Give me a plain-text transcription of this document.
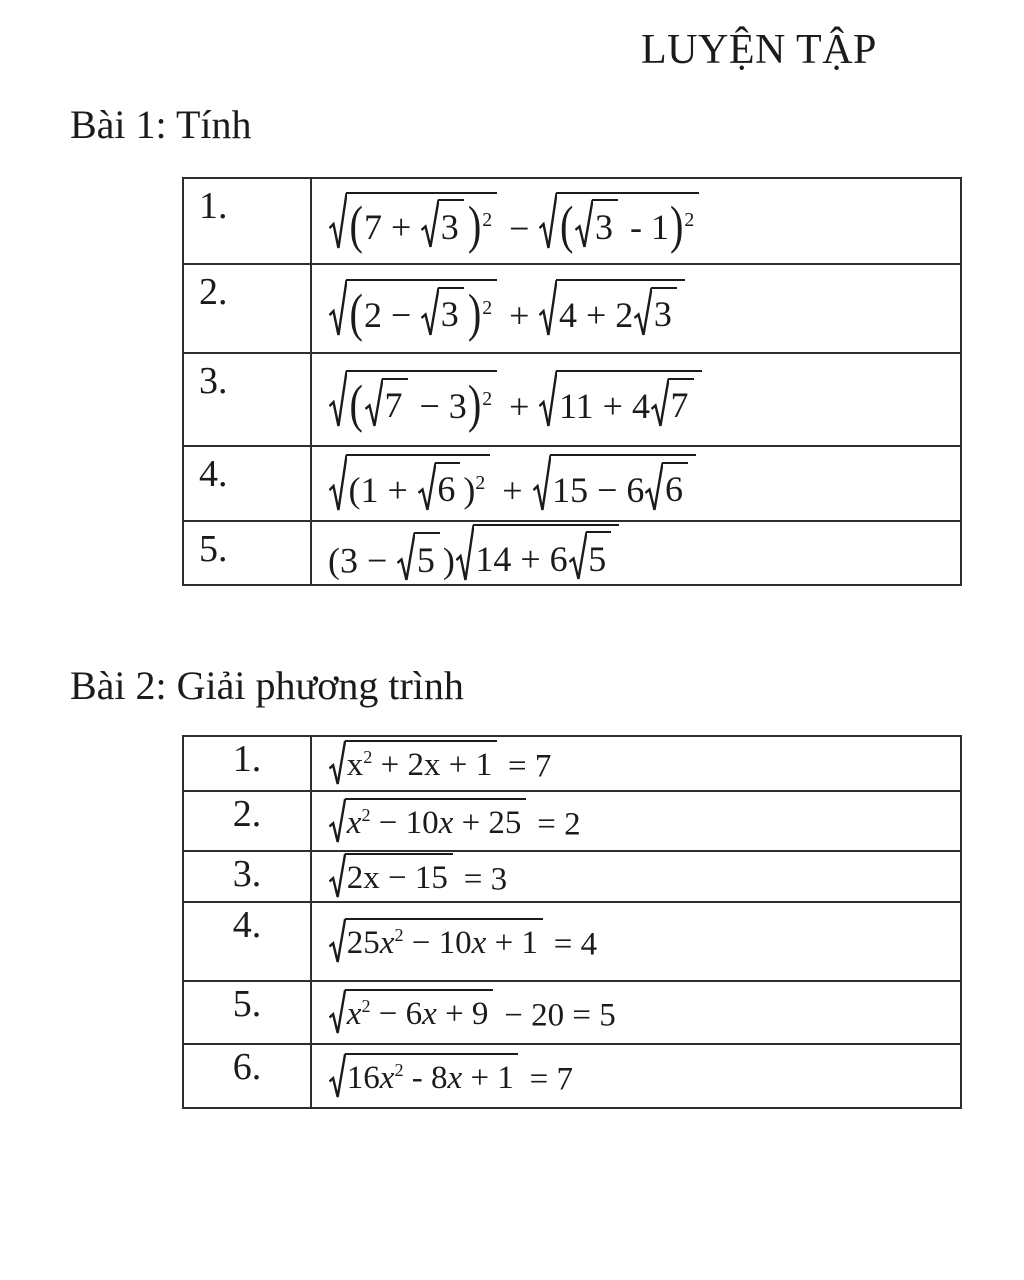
LUYỆN TẬP
Bài 1: Tính
1.	(7 + 3 )$^2$ − ( 3 - 1)$^2$
2.	(2 − 3 )$^2$ + 4 + 2 3
3.	( 7 − 3)$^2$ + 11 + 4 7
4.	(1 + 6 )$^2$ + 15 − 6 6
5.	(3 − 5 ) 14 + 6 5
Bài 2: Giải phương trình
1.	$x^2 + 2x + 1 = 7$
2.	$x^2 - 10x + 25 = 2$
3.	2x − 15 = 3
4.	$25x^2 - 10x + 1 = 4$
5.	$x^2 - 6x + 9 - 20 = 5$
6.	$16x^2 - 8x + 1 = 7$
